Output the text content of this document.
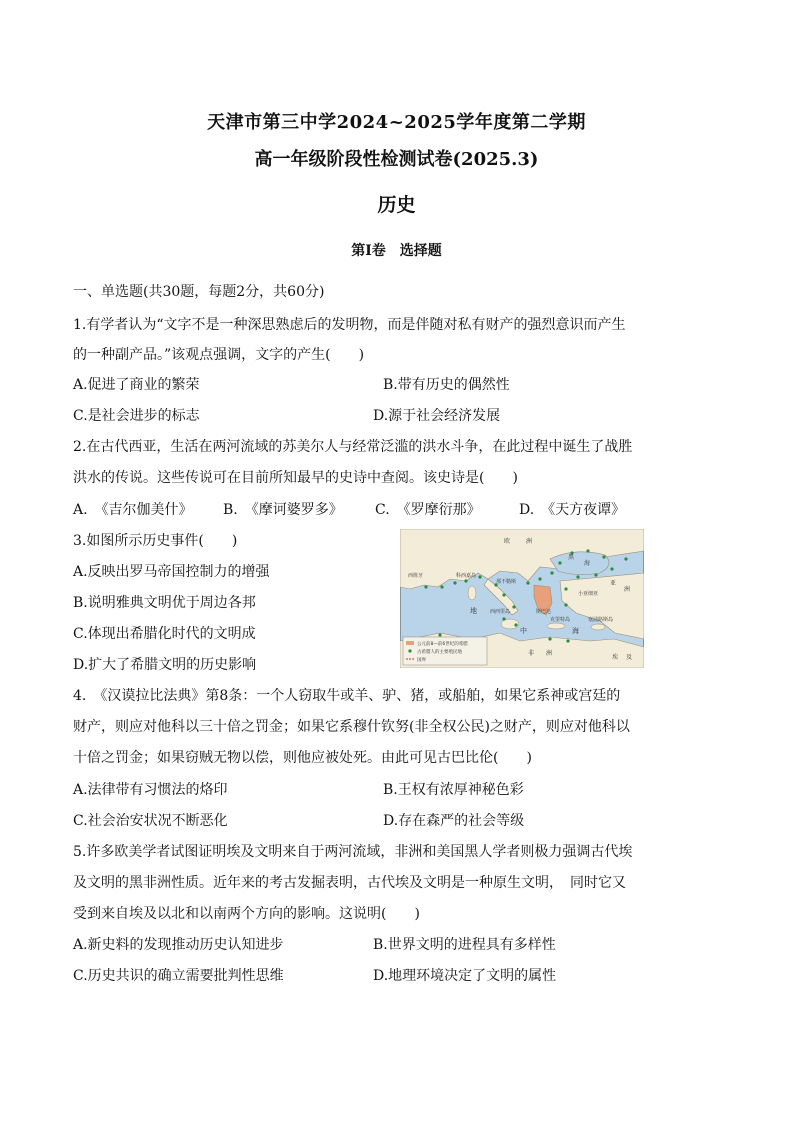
天津市第三中学2024~2025学年度第二学期
高一年级阶段性检测试卷(2025.3)
历史
第Ⅰ卷　选择题
一、单选题(共30题，每题2分，共60分)
1.有学者认为“文字不是一种深思熟虑后的发明物，而是伴随对私有财产的强烈意识而产生
的一种副产品。”该观点强调，文字的产生(　　)
A.促进了商业的繁荣	B.带有历史的偶然性
C.是社会进步的标志	D.源于社会经济发展
2.在古代西亚，生活在两河流域的苏美尔人与经常泛滥的洪水斗争，在此过程中诞生了战胜
洪水的传说。这些传说可在目前所知最早的史诗中查阅。该史诗是(　　)
A.　《吉尔伽美什》 B.　《摩诃婆罗多》 C.　《罗摩衍那》	D.　《天方夜谭》
3.如图所示历史事件(　　)
A.反映出罗马帝国控制力的增强
B.说明雅典文明优于周边各邦
C.体现出希腊化时代的文明成
D.扩大了希腊文明的历史影响
欧	洲
黑
海
亚
洲
地
中	海
西班牙	科西嘉岛
那不勒斯
小亚细亚
西西里岛	斯巴达
克里特岛	塞浦路斯岛
非 洲
埃 及
公元前8—前6世纪的希腊
古希腊人的主要殖民地
国界
4.　《汉谟拉比法典》第8条：一个人窃取牛或羊、驴、猪，或船舶，如果它系神或宫廷的
财产，则应对他科以三十倍之罚金；如果它系穆什钦努(非全权公民)之财产，则应对他科以
十倍之罚金；如果窃贼无物以偿，则他应被处死。由此可见古巴比伦(　　)
A.法律带有习惯法的烙印	B.王权有浓厚神秘色彩
C.社会治安状况不断恶化	D.存在森严的社会等级
5.许多欧美学者试图证明埃及文明来自于两河流域，非洲和美国黑人学者则极力强调古代埃
及文明的黑非洲性质。近年来的考古发掘表明，古代埃及文明是一种原生文明，　同时它又
受到来自埃及以北和以南两个方向的影响。这说明(　　)
A.新史料的发现推动历史认知进步	B.世界文明的进程具有多样性
C.历史共识的确立需要批判性思维	D.地理环境决定了文明的属性
